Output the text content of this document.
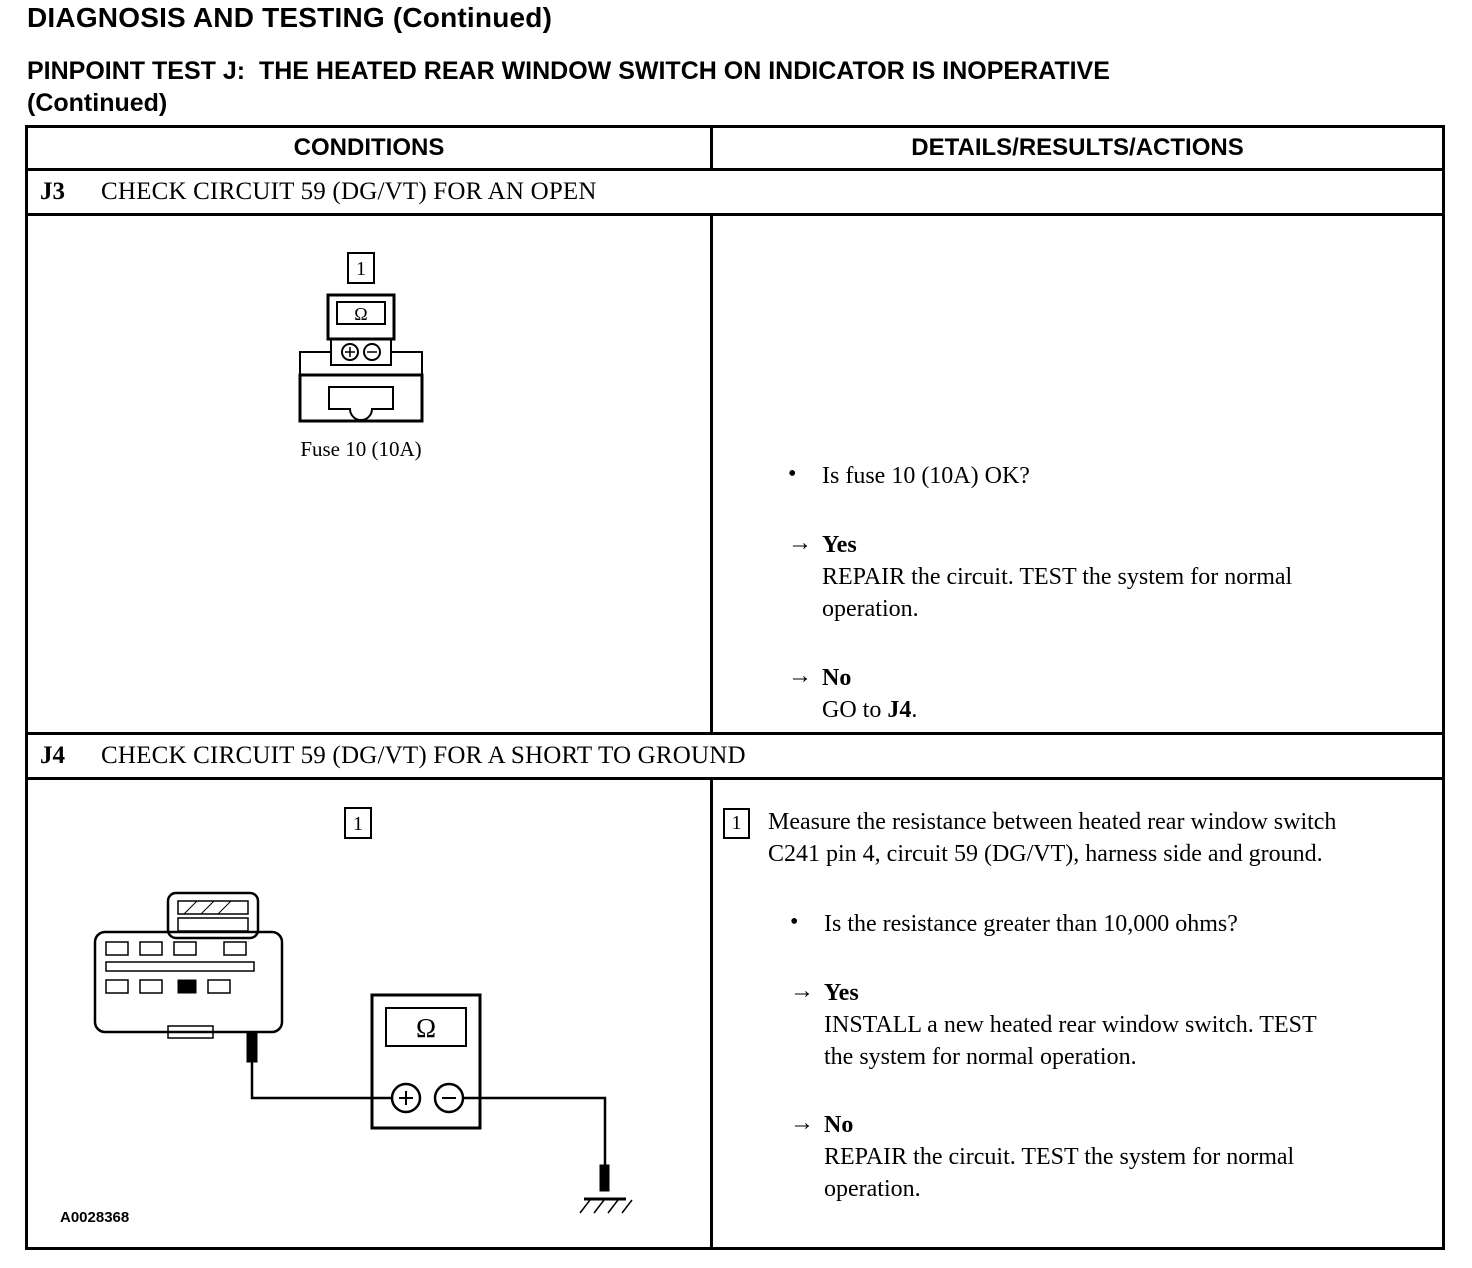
DIAGNOSIS AND TESTING (Continued)
PINPOINT TEST J:  THE HEATED REAR WINDOW SWITCH ON INDICATOR IS INOPERATIVE
(Continued)
CONDITIONS	DETAILS/RESULTS/ACTIONS
J3 CHECK CIRCUIT 59 (DG/VT) FOR AN OPEN
1
Ω
Fuse 10 (10A)
•	Is fuse 10 (10A) OK?
→ Yes
REPAIR the circuit. TEST the system for normal operation.
→ No
GO to J4.
J4 CHECK CIRCUIT 59 (DG/VT) FOR A SHORT TO GROUND
1
Ω
A0028368
1	Measure the resistance between heated rear window switch C241 pin 4, circuit 59 (DG/VT), harness side and ground.
•	Is the resistance greater than 10,000 ohms?
→ Yes
INSTALL a new heated rear window switch. TEST the system for normal operation.
→ No
REPAIR the circuit. TEST the system for normal operation.
